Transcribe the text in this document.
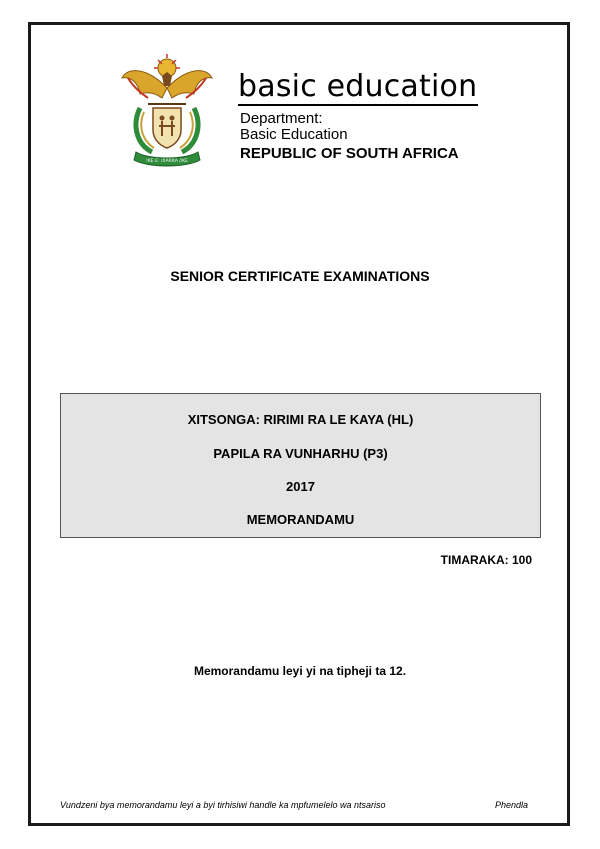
!KE E: /XARRA //KE
basic education
Department:
Basic Education
REPUBLIC OF SOUTH AFRICA
SENIOR CERTIFICATE EXAMINATIONS
XITSONGA: RIRIMI RA LE KAYA (HL)
PAPILA RA VUNHARHU (P3)
2017
MEMORANDAMU
TIMARAKA: 100
Memorandamu leyi yi na tipheji ta 12.
Vundzeni bya memorandamu leyi a byi tirhisiwi handle ka mpfumelelo wa ntsariso	Phendla
